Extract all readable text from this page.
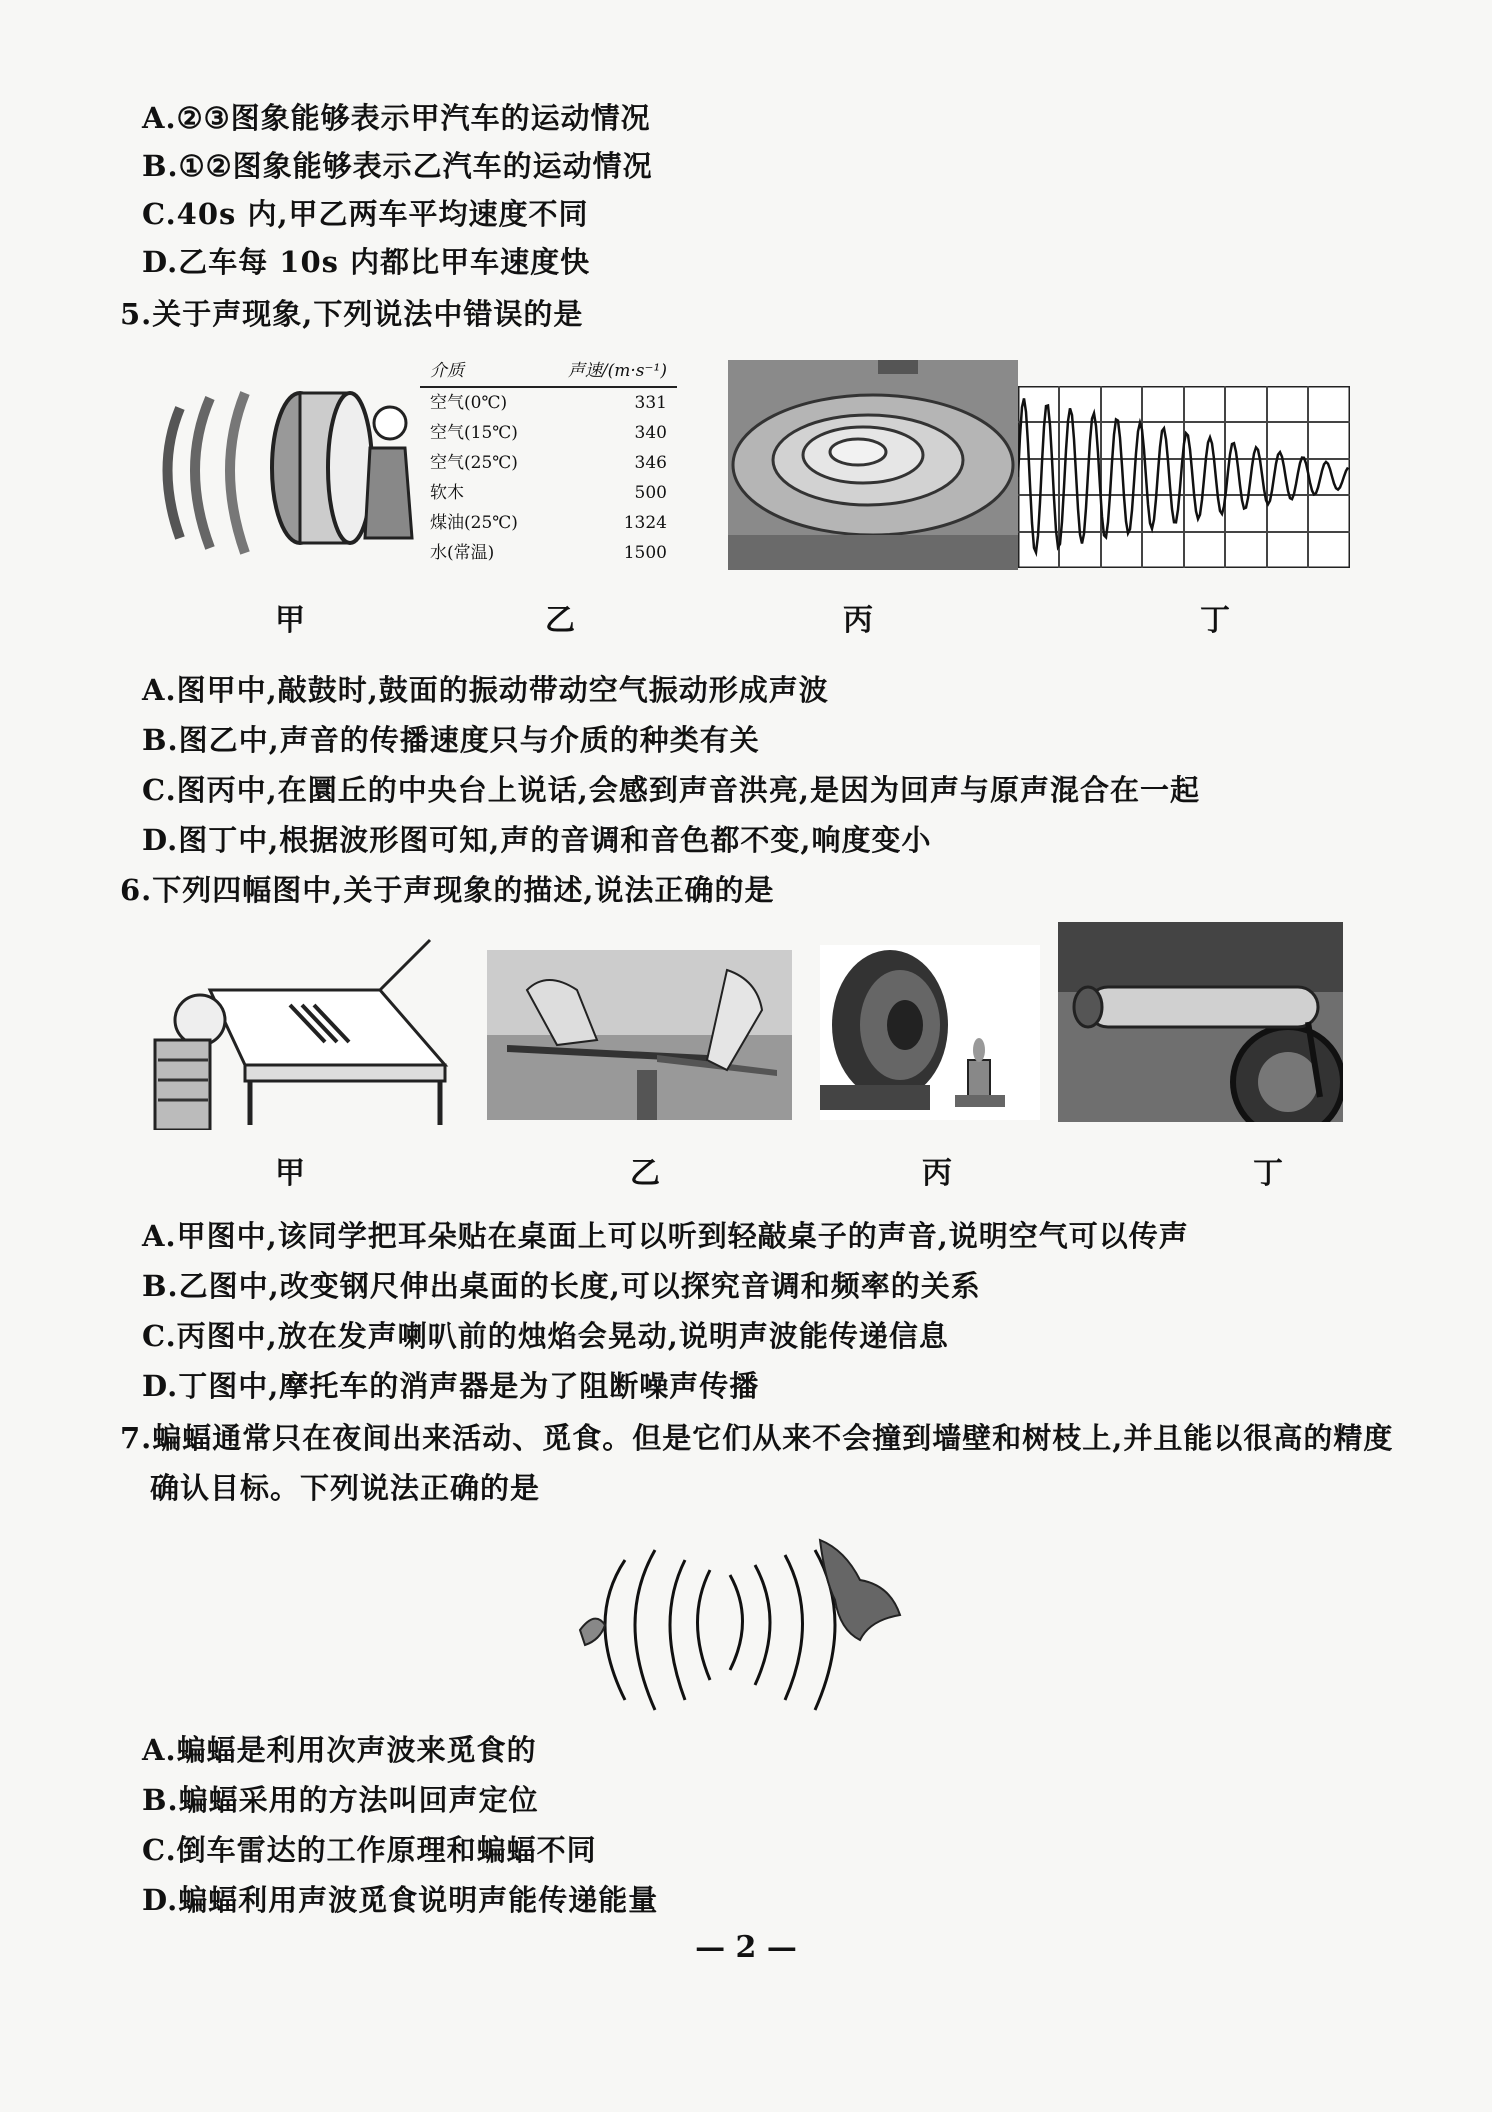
A.②③图象能够表示甲汽车的运动情况
B.①②图象能够表示乙汽车的运动情况
C.40s 内,甲乙两车平均速度不同
D.乙车每 10s 内都比甲车速度快
5.关于声现象,下列说法中错误的是
介质	声速/(m·s⁻¹)
空气(0℃)	331
空气(15℃)	340
空气(25℃)	346
软木	500
煤油(25℃)	1324
水(常温)	1500
甲	乙	丙	丁
A.图甲中,敲鼓时,鼓面的振动带动空气振动形成声波
B.图乙中,声音的传播速度只与介质的种类有关
C.图丙中,在圜丘的中央台上说话,会感到声音洪亮,是因为回声与原声混合在一起
D.图丁中,根据波形图可知,声的音调和音色都不变,响度变小
6.下列四幅图中,关于声现象的描述,说法正确的是
甲	乙	丙	丁
A.甲图中,该同学把耳朵贴在桌面上可以听到轻敲桌子的声音,说明空气可以传声
B.乙图中,改变钢尺伸出桌面的长度,可以探究音调和频率的关系
C.丙图中,放在发声喇叭前的烛焰会晃动,说明声波能传递信息
D.丁图中,摩托车的消声器是为了阻断噪声传播
7.蝙蝠通常只在夜间出来活动、觅食。但是它们从来不会撞到墙壁和树枝上,并且能以很高的精度
确认目标。下列说法正确的是
A.蝙蝠是利用次声波来觅食的
B.蝙蝠采用的方法叫回声定位
C.倒车雷达的工作原理和蝙蝠不同
D.蝙蝠利用声波觅食说明声能传递能量
— 2 —
